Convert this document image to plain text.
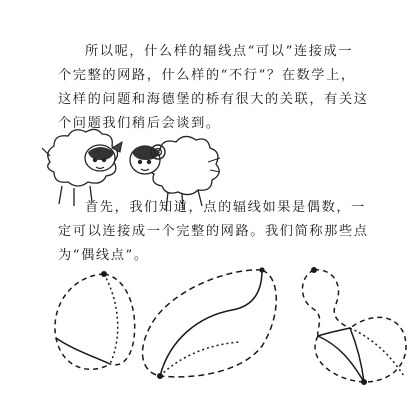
所以呢，什么样的辐线点“可以”连接成一
个完整的网路，什么样的“不行”？在数学上，
这样的问题和海德堡的桥有很大的关联，有关这
个问题我们稍后会谈到。

首先，我们知道，点的辐线如果是偶数，一
定可以连接成一个完整的网路。我们简称那些点
为“偶线点”。
